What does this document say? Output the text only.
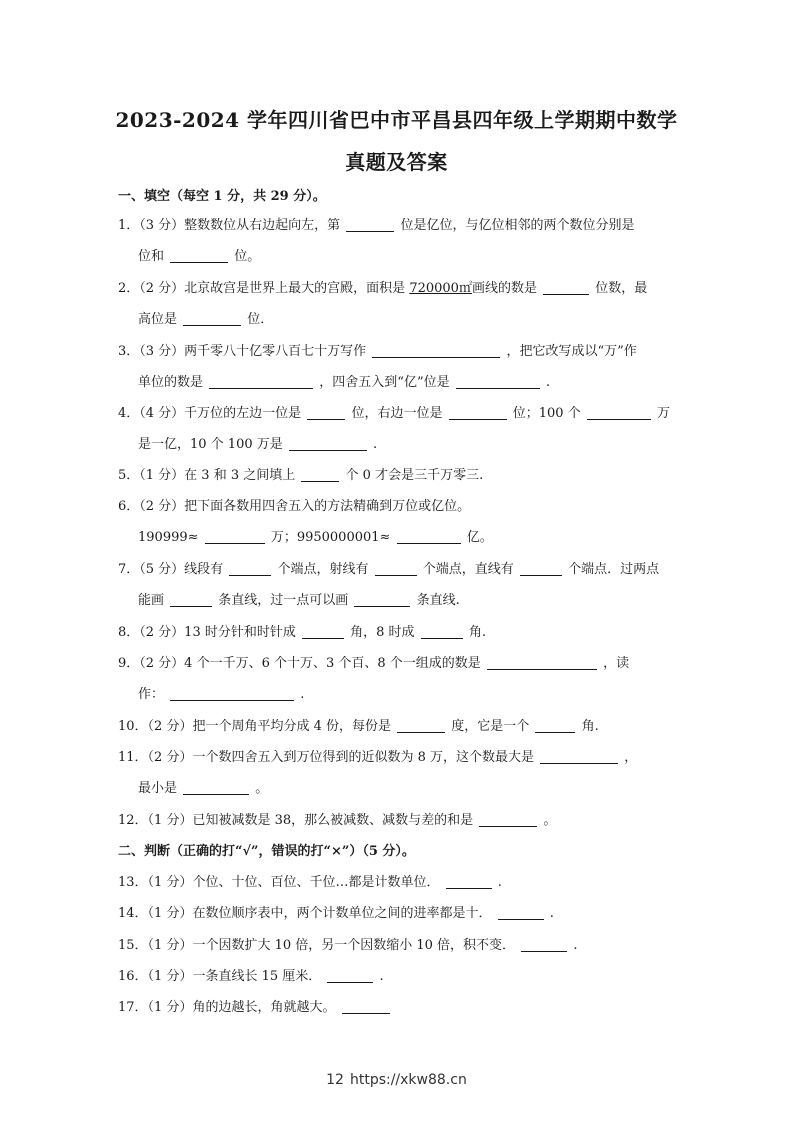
2023-2024 学年四川省巴中市平昌县四年级上学期期中数学
真题及答案
一、填空（每空 1 分，共 29 分）。
1．（3 分）整数数位从右边起向左，第	位是亿位，与亿位相邻的两个数位分别是
位和	位。
2．（2 分）北京故宫是世界上最大的宫殿，面积是 720000㎡画线的数是	位数，最
高位是	位．
3．（3 分）两千零八十亿零八百七十万写作	，把它改写成以“万”作
单位的数是	，四舍五入到“亿”位是	.
4．（4 分）千万位的左边一位是	位，右边一位是	位；100 个	万
是一亿，10 个 100 万是	.
5．（1 分）在 3 和 3 之间填上	个 0 才会是三千万零三.
6．（2 分）把下面各数用四舍五入的方法精确到万位或亿位。
190999≈	万；9950000001≈	亿。
7．（5 分）线段有	个端点，射线有	个端点，直线有	个端点．过两点
能画	条直线，过一点可以画	条直线.
8．（2 分）13 时分针和时针成	角，8 时成	角.
9．（2 分）4 个一千万、6 个十万、3 个百、8 个一组成的数是	，读
作：	.
10．（2 分）把一个周角平均分成 4 份，每份是	度，它是一个	角.
11．（2 分）一个数四舍五入到万位得到的近似数为 8 万，这个数最大是	，
最小是	。
12．（1 分）已知被减数是 38，那么被减数、减数与差的和是	。
二、判断（正确的打“√”，错误的打“×”）（5 分）。
13．（1 分）个位、十位、百位、千位…都是计数单位．	.
14．（1 分）在数位顺序表中，两个计数单位之间的进率都是十．	.
15．（1 分）一个因数扩大 10 倍，另一个因数缩小 10 倍，积不变．	.
16．（1 分）一条直线长 15 厘米．	.
17．（1 分）角的边越长，角就越大。
12 https://xkw88.cn
